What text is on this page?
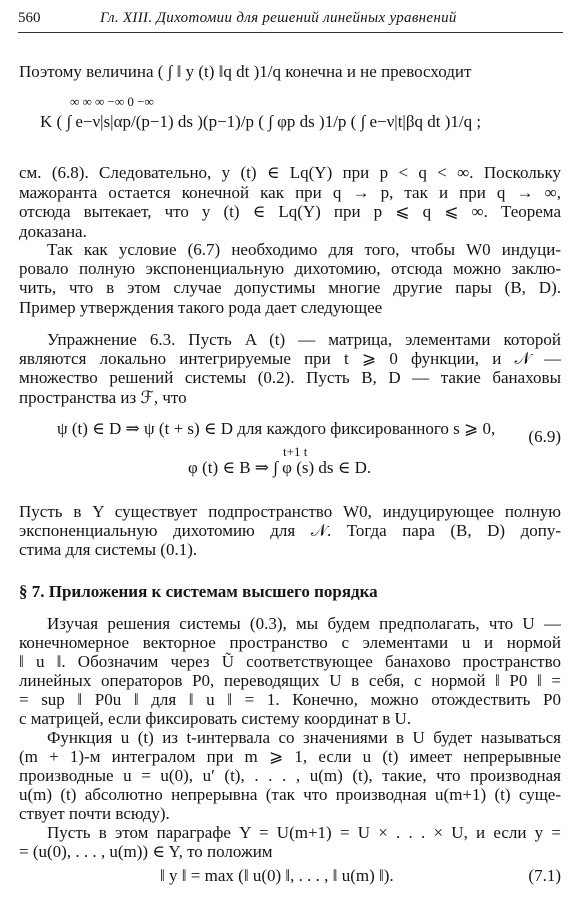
560	Гл. XIII. Дихотомии для решений линейных уравнений
Поэтому величина ( ∫ ‖ y (t) ‖q dt )1/q конечна и не превосходит
K ( ∫ e−ν|s|αp/(p−1) ds )(p−1)/p ( ∫ φp ds )1/p ( ∫ e−ν|t|βq dt )1/q ;
∞ ∞ ∞ −∞ 0 −∞
см. (6.8). Следовательно, y (t) ∈ Lq(Y) при p < q < ∞. Поскольку
мажоранта остается конечной как при q → p, так и при q → ∞,
отсюда вытекает, что y (t) ∈ Lq(Y) при p ⩽ q ⩽ ∞. Теорема
доказана.
Так как условие (6.7) необходимо для того, чтобы W0 индуци-
ровало полную экспоненциальную дихотомию, отсюда можно заклю-
чить, что в этом случае допустимы многие другие пары (B, D).
Пример утверждения такого рода дает следующее
Упражнение 6.3. Пусть A (t) — матрица, элементами которой
являются локально интегрируемые при t ⩾ 0 функции, и 𝒩 —
множество решений системы (0.2). Пусть B, D — такие банаховы
пространства из ℱ, что
ψ (t) ∈ D ⇒ ψ (t + s) ∈ D для каждого фиксированного s ⩾ 0, (6.9)
φ (t) ∈ B ⇒ ∫ φ (s) ds ∈ D.
t+1 t
Пусть в Y существует подпространство W0, индуцирующее полную
экспоненциальную дихотомию для 𝒩. Тогда пара (B, D) допу-
стима для системы (0.1).
§ 7. Приложения к системам высшего порядка
Изучая решения системы (0.3), мы будем предполагать, что U —
конечномерное векторное пространство с элементами u и нормой
‖ u ‖. Обозначим через Ũ соответствующее банахово пространство
линейных операторов P0, переводящих U в себя, с нормой ‖ P0 ‖ =
= sup ‖ P0u ‖ для ‖ u ‖ = 1. Конечно, можно отождествить P0
с матрицей, если фиксировать систему координат в U.
Функция u (t) из t-интервала со значениями в U будет называться
(m + 1)-м интегралом при m ⩾ 1, если u (t) имеет непрерывные
производные u = u(0), u′ (t), . . . , u(m) (t), такие, что производная
u(m) (t) абсолютно непрерывна (так что производная u(m+1) (t) суще-
ствует почти всюду).
Пусть в этом параграфе Y = U(m+1) = U × . . . × U, и если y =
= (u(0), . . . , u(m)) ∈ Y, то положим
‖ y ‖ = max (‖ u(0) ‖, . . . , ‖ u(m) ‖).	(7.1)
